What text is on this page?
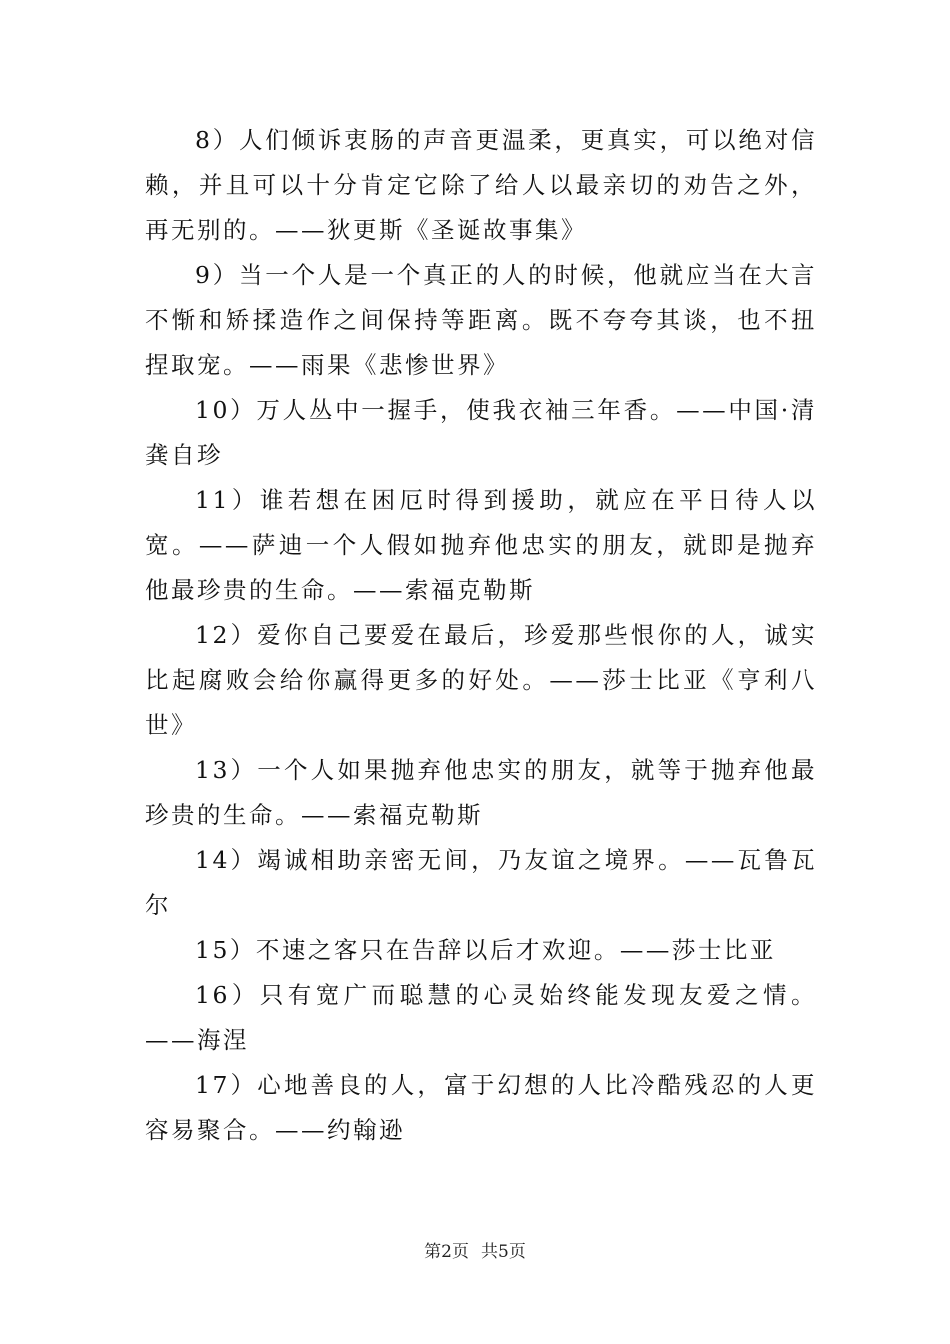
8）人们倾诉衷肠的声音更温柔，更真实，可以绝对信赖，并且可以十分肯定它除了给人以最亲切的劝告之外，再无别的。——狄更斯《圣诞故事集》

9）当一个人是一个真正的人的时候，他就应当在大言不惭和矫揉造作之间保持等距离。既不夸夸其谈，也不扭捏取宠。——雨果《悲惨世界》

10）万人丛中一握手，使我衣袖三年香。——中国·清龚自珍

11）谁若想在困厄时得到援助，就应在平日待人以宽。——萨迪一个人假如抛弃他忠实的朋友，就即是抛弃他最珍贵的生命。——索福克勒斯

12）爱你自己要爱在最后，珍爱那些恨你的人，诚实比起腐败会给你赢得更多的好处。——莎士比亚《亨利八世》

13）一个人如果抛弃他忠实的朋友，就等于抛弃他最珍贵的生命。——索福克勒斯

14）竭诚相助亲密无间，乃友谊之境界。——瓦鲁瓦尔

15）不速之客只在告辞以后才欢迎。——莎士比亚

16）只有宽广而聪慧的心灵始终能发现友爱之情。——海涅

17）心地善良的人，富于幻想的人比冷酷残忍的人更容易聚合。——约翰逊

第2页 共5页
